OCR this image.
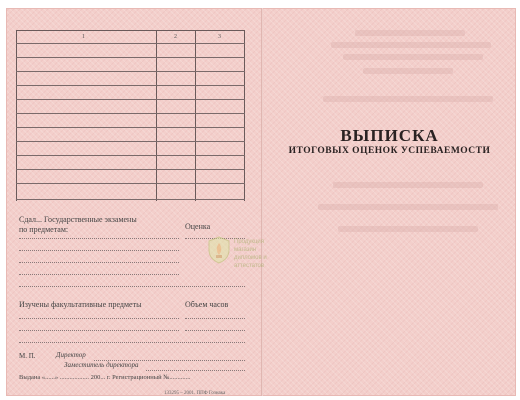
1	2	3
Сдал... Государственные экзамены
по предметам:	Оценка
Изучены факультативные предметы	Объем часов
М. П.	Директор
Заместитель директора
Выдана «......» .................. 200... г. Регистрационный №.............
133295 – 2001. ППФ Гознака
Продукция
магазин
дипломов и
аттестатов
ВЫПИСКА
ИТОГОВЫХ ОЦЕНОК УСПЕВАЕМОСТИ
